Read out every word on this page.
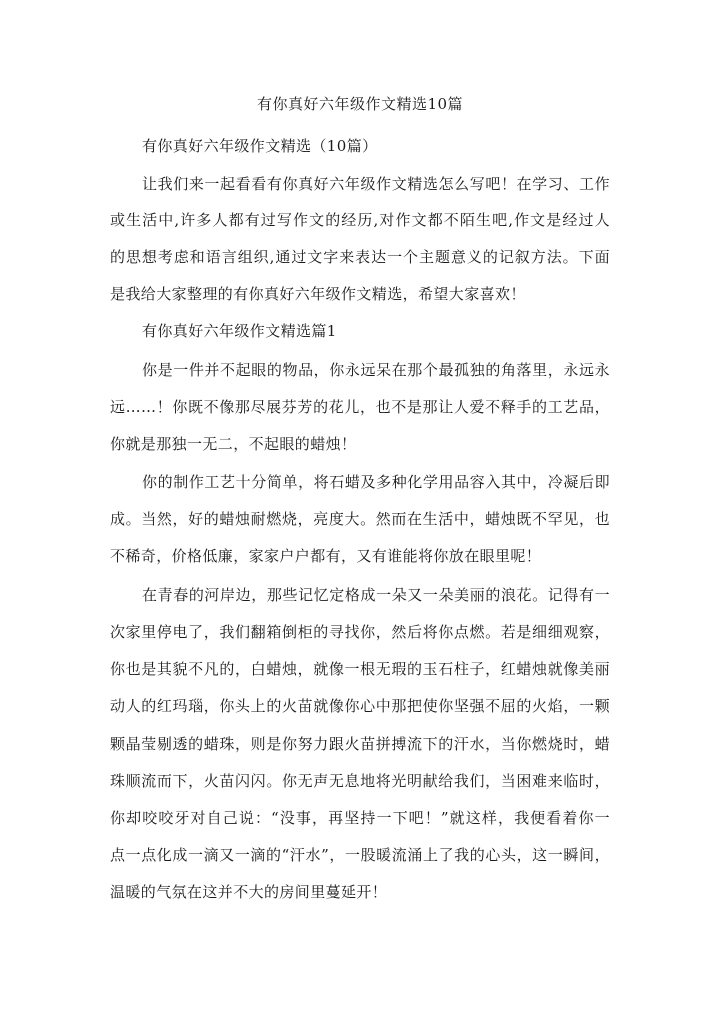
有你真好六年级作文精选10篇
有你真好六年级作文精选（10篇）
让我们来一起看看有你真好六年级作文精选怎么写吧！在学习、工作
或生活中,许多人都有过写作文的经历,对作文都不陌生吧,作文是经过人
的思想考虑和语言组织,通过文字来表达一个主题意义的记叙方法。下面
是我给大家整理的有你真好六年级作文精选，希望大家喜欢！
有你真好六年级作文精选篇1
你是一件并不起眼的物品，你永远呆在那个最孤独的角落里，永远永
远……！你既不像那尽展芬芳的花儿，也不是那让人爱不释手的工艺品，
你就是那独一无二，不起眼的蜡烛！
你的制作工艺十分简单，将石蜡及多种化学用品容入其中，冷凝后即
成。当然，好的蜡烛耐燃烧，亮度大。然而在生活中，蜡烛既不罕见，也
不稀奇，价格低廉，家家户户都有，又有谁能将你放在眼里呢！
在青春的河岸边，那些记忆定格成一朵又一朵美丽的浪花。记得有一
次家里停电了，我们翻箱倒柜的寻找你，然后将你点燃。若是细细观察，
你也是其貌不凡的，白蜡烛，就像一根无瑕的玉石柱子，红蜡烛就像美丽
动人的红玛瑙，你头上的火苗就像你心中那把使你坚强不屈的火焰，一颗
颗晶莹剔透的蜡珠，则是你努力跟火苗拼搏流下的汗水，当你燃烧时，蜡
珠顺流而下，火苗闪闪。你无声无息地将光明献给我们，当困难来临时，
你却咬咬牙对自己说：“没事，再坚持一下吧！”就这样，我便看着你一
点一点化成一滴又一滴的“汗水”，一股暖流涌上了我的心头，这一瞬间，
温暖的气氛在这并不大的房间里蔓延开！
